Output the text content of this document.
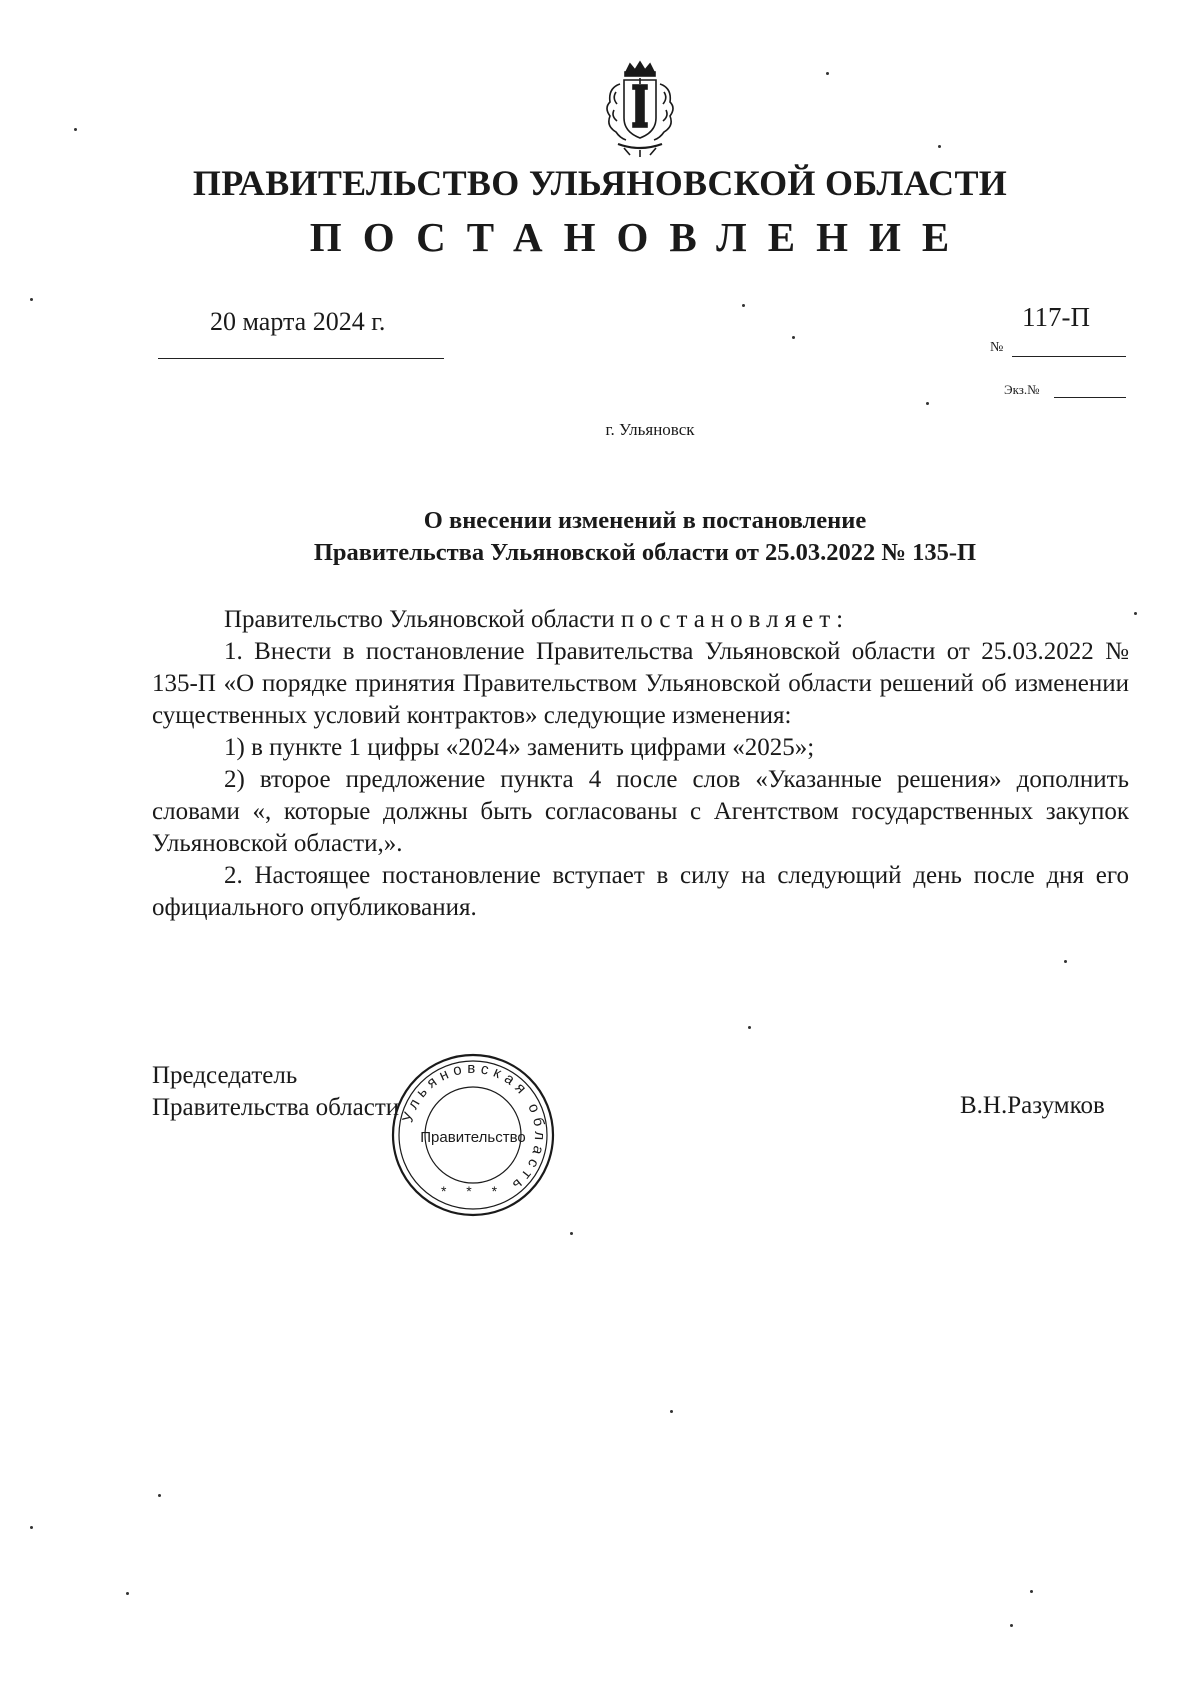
ПРАВИТЕЛЬСТВО УЛЬЯНОВСКОЙ ОБЛАСТИ
ПОСТАНОВЛЕНИЕ
20 марта 2024 г.	117-П
№
Экз.№
г. Ульяновск
О внесении изменений в постановление
Правительства Ульяновской области от 25.03.2022 № 135-П

Правительство Ульяновской области постановляет:

1. Внести в постановление Правительства Ульяновской области от 25.03.2022 № 135-П «О порядке принятия Правительством Ульяновской области решений об изменении существенных условий контрактов» следующие изменения:

1) в пункте 1 цифры «2024» заменить цифрами «2025»;

2) второе предложение пункта 4 после слов «Указанные решения» дополнить словами «, которые должны быть согласованы с Агентством государственных закупок Ульяновской области,».

2. Настоящее постановление вступает в силу на следующий день после дня его официального опубликования.

Председатель
Правительства области	В.Н.Разумков
Ульяновская область
Правительство
* * *
